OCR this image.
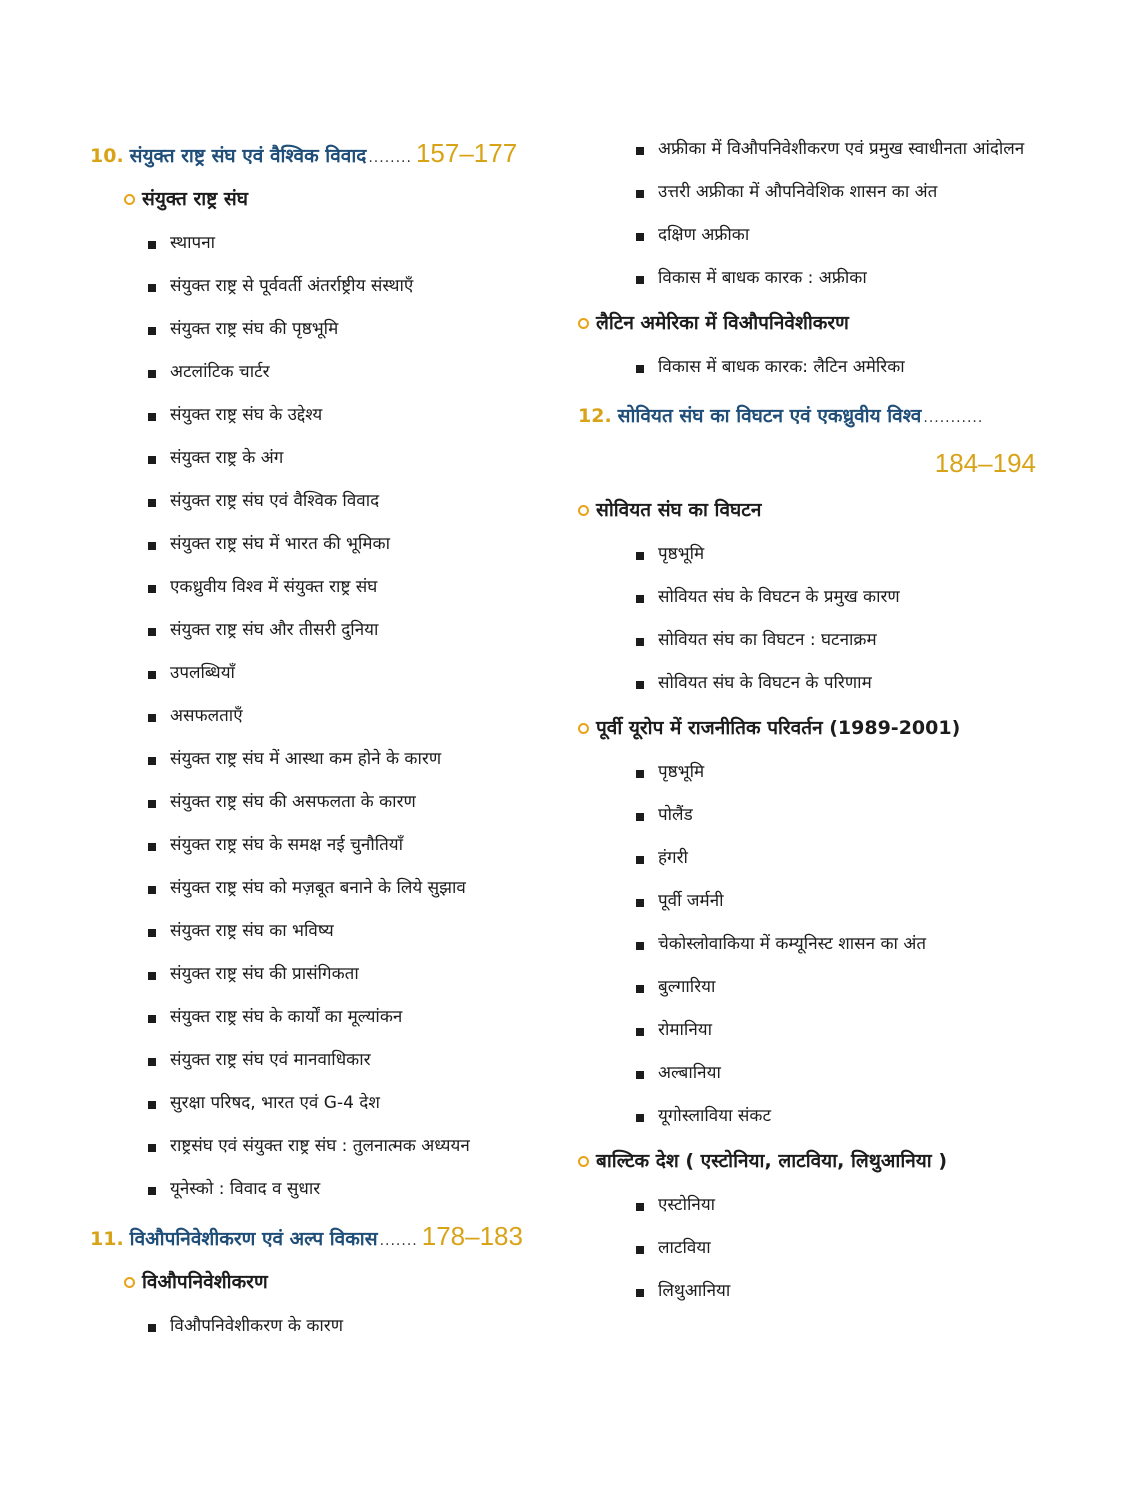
10. संयुक्त राष्ट्र संघ एवं वैश्विक विवाद ........ 157–177
संयुक्त राष्ट्र संघ
स्थापना
संयुक्त राष्ट्र से पूर्ववर्ती अंतर्राष्ट्रीय संस्थाएँ
संयुक्त राष्ट्र संघ की पृष्ठभूमि
अटलांटिक चार्टर
संयुक्त राष्ट्र संघ के उद्देश्य
संयुक्त राष्ट्र के अंग
संयुक्त राष्ट्र संघ एवं वैश्विक विवाद
संयुक्त राष्ट्र संघ में भारत की भूमिका
एकध्रुवीय विश्व में संयुक्त राष्ट्र संघ
संयुक्त राष्ट्र संघ और तीसरी दुनिया
उपलब्धियाँ
असफलताएँ
संयुक्त राष्ट्र संघ में आस्था कम होने के कारण
संयुक्त राष्ट्र संघ की असफलता के कारण
संयुक्त राष्ट्र संघ के समक्ष नई चुनौतियाँ
संयुक्त राष्ट्र संघ को मज़बूत बनाने के लिये सुझाव
संयुक्त राष्ट्र संघ का भविष्य
संयुक्त राष्ट्र संघ की प्रासंगिकता
संयुक्त राष्ट्र संघ के कार्यों का मूल्यांकन
संयुक्त राष्ट्र संघ एवं मानवाधिकार
सुरक्षा परिषद, भारत एवं G-4 देश
राष्ट्रसंघ एवं संयुक्त राष्ट्र संघ : तुलनात्मक अध्ययन
यूनेस्को : विवाद व सुधार
11. विऔपनिवेशीकरण एवं अल्प विकास ....... 178–183
विऔपनिवेशीकरण
विऔपनिवेशीकरण के कारण
अफ्रीका में विऔपनिवेशीकरण एवं प्रमुख स्वाधीनता आंदोलन
उत्तरी अफ्रीका में औपनिवेशिक शासन का अंत
दक्षिण अफ्रीका
विकास में बाधक कारक : अफ्रीका
लैटिन अमेरिका में विऔपनिवेशीकरण
विकास में बाधक कारक: लैटिन अमेरिका
12. सोवियत संघ का विघटन एवं एकध्रुवीय विश्व ...........
184–194
सोवियत संघ का विघटन
पृष्ठभूमि
सोवियत संघ के विघटन के प्रमुख कारण
सोवियत संघ का विघटन : घटनाक्रम
सोवियत संघ के विघटन के परिणाम
पूर्वी यूरोप में राजनीतिक परिवर्तन (1989-2001)
पृष्ठभूमि
पोलैंड
हंगरी
पूर्वी जर्मनी
चेकोस्लोवाकिया में कम्यूनिस्ट शासन का अंत
बुल्गारिया
रोमानिया
अल्बानिया
यूगोस्लाविया संकट
बाल्टिक देश ( एस्टोनिया, लाटविया, लिथुआनिया )
एस्टोनिया
लाटविया
लिथुआनिया
